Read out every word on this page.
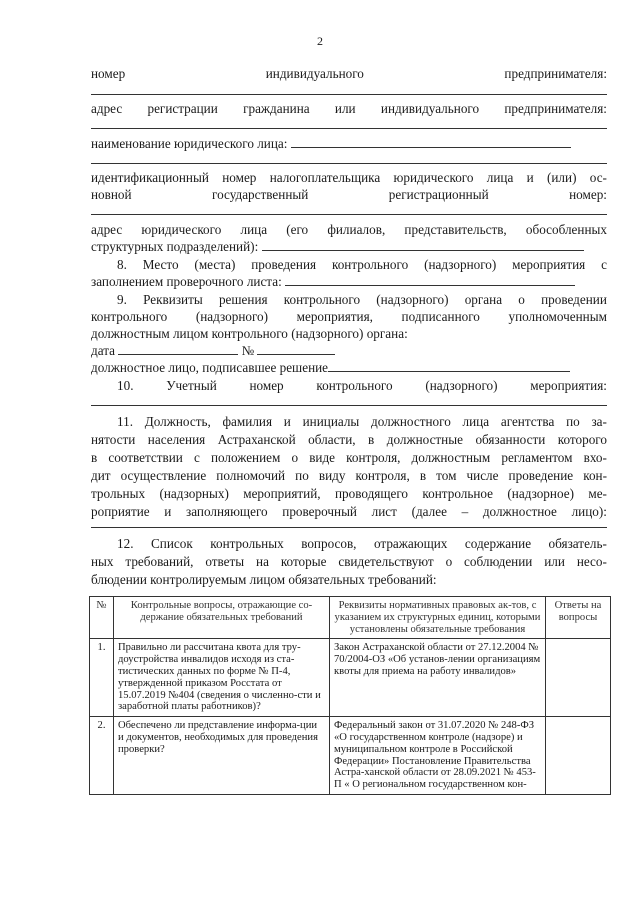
2
номер	индивидуального	предпринимателя:
адрес регистрации гражданина или индивидуального предпринимателя:
наименование юридического лица:
идентификационный номер налогоплательщика юридического лица и (или) ос-
новной	государственный	регистрационный	номер:
адрес юридического лица (его филиалов, представительств, обособленных
структурных подразделений):
8. Место (места) проведения контрольного (надзорного) мероприятия с
заполнением проверочного листа:
9. Реквизиты решения контрольного (надзорного) органа о проведении
контрольного (надзорного) мероприятия, подписанного уполномоченным
должностным лицом контрольного (надзорного) органа:
дата	№
должностное лицо, подписавшее решение
10. Учетный номер контрольного (надзорного) мероприятия:
11. Должность, фамилия и инициалы должностного лица агентства по за-
нятости населения Астраханской области, в должностные обязанности которого
в соответствии с положением о виде контроля, должностным регламентом вхо-
дит осуществление полномочий по виду контроля, в том числе проведение кон-
трольных (надзорных) мероприятий, проводящего контрольное (надзорное) ме-
роприятие и заполняющего проверочный лист (далее – должностное лицо):
12. Список контрольных вопросов, отражающих содержание обязатель-
ных требований, ответы на которые свидетельствуют о соблюдении или несо-
блюдении контролируемым лицом обязательных требований:
№	Контрольные вопросы, отражающие со-держание обязательных требований	Реквизиты нормативных правовых ак-тов, с указанием их структурных единиц, которыми установлены обязательные требования	Ответы на вопросы
1.	Правильно ли рассчитана квота для тру-доустройства инвалидов исходя из ста-тистических данных по форме № П-4, утвержденной приказом Росстата от 15.07.2019 №404 (сведения о численно-сти и заработной платы работников)?	Закон Астраханской области от 27.12.2004 № 70/2004-ОЗ «Об установ-лении организациям квоты для приема на работу инвалидов»	
2.	Обеспечено ли представление информа-ции и документов, необходимых для проведения проверки?	Федеральный закон от 31.07.2020 № 248-ФЗ «О государственном контроле (надзоре) и муниципальном контроле в Российской Федерации» Постановление Правительства Астра-ханской области от 28.09.2021 № 453-П « О региональном государственном кон-	
